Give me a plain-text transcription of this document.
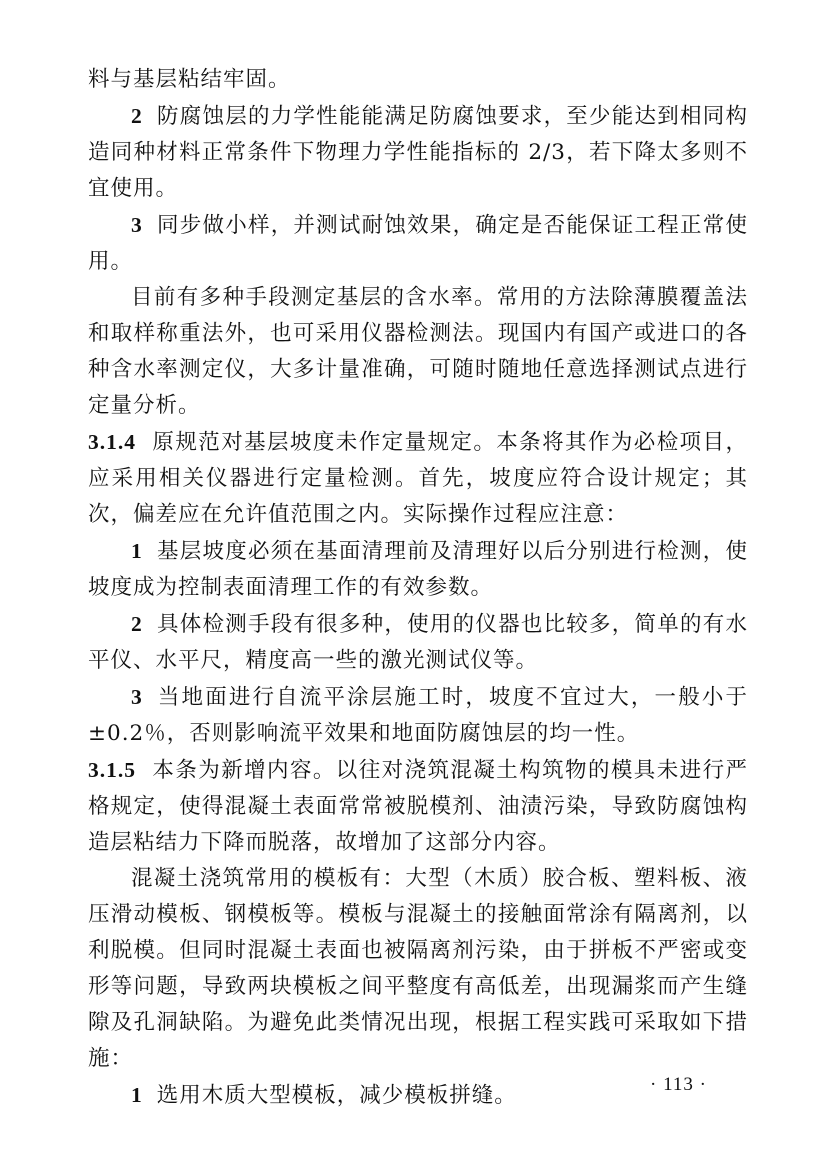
料与基层粘结牢固。

2 防腐蚀层的力学性能能满足防腐蚀要求，至少能达到相同构造同种材料正常条件下物理力学性能指标的 2/3，若下降太多则不宜使用。

3 同步做小样，并测试耐蚀效果，确定是否能保证工程正常使用。

目前有多种手段测定基层的含水率。常用的方法除薄膜覆盖法和取样称重法外，也可采用仪器检测法。现国内有国产或进口的各种含水率测定仪，大多计量准确，可随时随地任意选择测试点进行定量分析。

3.1.4 原规范对基层坡度未作定量规定。本条将其作为必检项目，应采用相关仪器进行定量检测。首先，坡度应符合设计规定；其次，偏差应在允许值范围之内。实际操作过程应注意：

1 基层坡度必须在基面清理前及清理好以后分别进行检测，使坡度成为控制表面清理工作的有效参数。

2 具体检测手段有很多种，使用的仪器也比较多，简单的有水平仪、水平尺，精度高一些的激光测试仪等。

3 当地面进行自流平涂层施工时，坡度不宜过大，一般小于±0.2％，否则影响流平效果和地面防腐蚀层的均一性。

3.1.5 本条为新增内容。以往对浇筑混凝土构筑物的模具未进行严格规定，使得混凝土表面常常被脱模剂、油渍污染，导致防腐蚀构造层粘结力下降而脱落，故增加了这部分内容。

混凝土浇筑常用的模板有：大型（木质）胶合板、塑料板、液压滑动模板、钢模板等。模板与混凝土的接触面常涂有隔离剂，以利脱模。但同时混凝土表面也被隔离剂污染，由于拼板不严密或变形等问题，导致两块模板之间平整度有高低差，出现漏浆而产生缝隙及孔洞缺陷。为避免此类情况出现，根据工程实践可采取如下措施：

1 选用木质大型模板，减少模板拼缝。	· 113 ·
